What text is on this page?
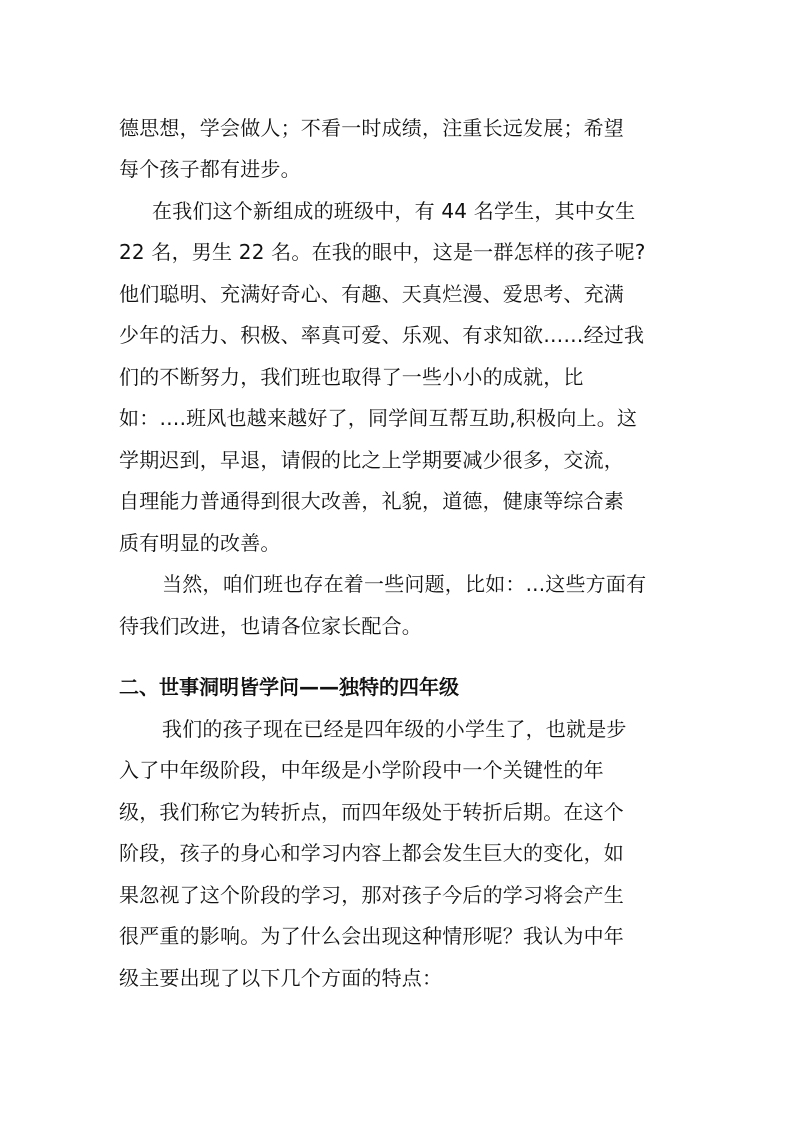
德思想，学会做人；不看一时成绩，注重长远发展；希望
每个孩子都有进步。
在我们这个新组成的班级中，有 44 名学生，其中女生
22 名，男生 22 名。在我的眼中，这是一群怎样的孩子呢?
他们聪明、充满好奇心、有趣、天真烂漫、爱思考、充满
少年的活力、积极、率真可爱、乐观、有求知欲……经过我
们的不断努力，我们班也取得了一些小小的成就，比
如：….班风也越来越好了，同学间互帮互助,积极向上。这
学期迟到，早退，请假的比之上学期要减少很多，交流，
自理能力普通得到很大改善，礼貌，道德，健康等综合素
质有明显的改善。
当然，咱们班也存在着一些问题，比如：...这些方面有
待我们改进，也请各位家长配合。
二、世事洞明皆学问——独特的四年级
我们的孩子现在已经是四年级的小学生了，也就是步
入了中年级阶段，中年级是小学阶段中一个关键性的年
级，我们称它为转折点，而四年级处于转折后期。在这个
阶段，孩子的身心和学习内容上都会发生巨大的变化，如
果忽视了这个阶段的学习，那对孩子今后的学习将会产生
很严重的影响。为了什么会出现这种情形呢？我认为中年
级主要出现了以下几个方面的特点：
